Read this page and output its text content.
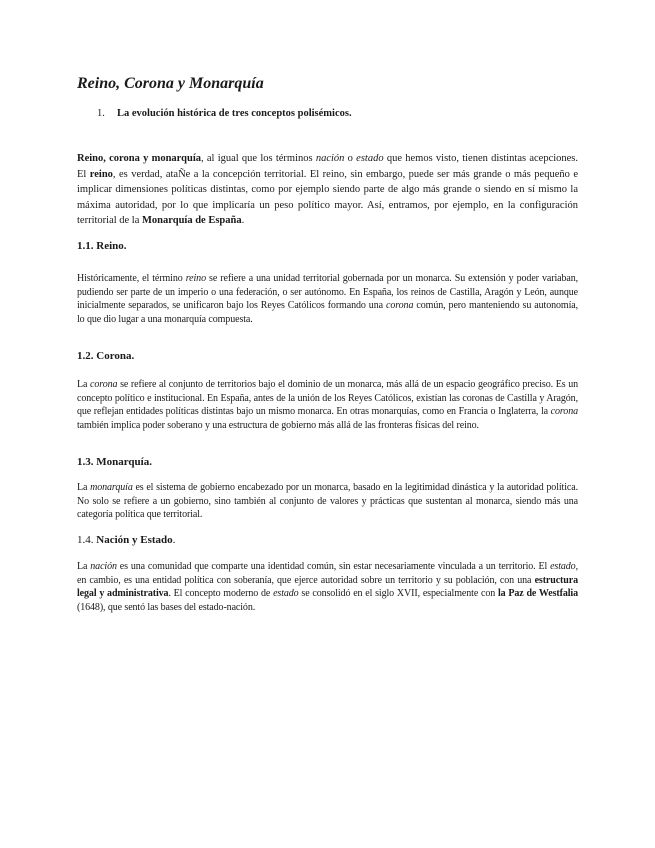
Reino, Corona y Monarquía
1. La evolución histórica de tres conceptos polisémicos.

Reino, corona y monarquía, al igual que los términos nación o estado que hemos visto, tienen distintas acepciones. El reino, es verdad, ataÑe a la concepción territorial. El reino, sin embargo, puede ser más grande o más pequeño e implicar dimensiones políticas distintas, como por ejemplo siendo parte de algo más grande o siendo en sí mismo la máxima autoridad, por lo que implicaría un peso político mayor. Así, entramos, por ejemplo, en la configuración territorial de la Monarquía de España.

1.1. Reino.

Históricamente, el término reino se refiere a una unidad territorial gobernada por un monarca. Su extensión y poder variaban, pudiendo ser parte de un imperio o una federación, o ser autónomo. En España, los reinos de Castilla, Aragón y León, aunque inicialmente separados, se unificaron bajo los Reyes Católicos formando una corona común, pero manteniendo su autonomía, lo que dio lugar a una monarquía compuesta.

1.2. Corona.

La corona se refiere al conjunto de territorios bajo el dominio de un monarca, más allá de un espacio geográfico preciso. Es un concepto político e institucional. En España, antes de la unión de los Reyes Católicos, existían las coronas de Castilla y Aragón, que reflejan entidades políticas distintas bajo un mismo monarca. En otras monarquías, como en Francia o Inglaterra, la corona también implica poder soberano y una estructura de gobierno más allá de las fronteras físicas del reino.

1.3. Monarquía.

La monarquía es el sistema de gobierno encabezado por un monarca, basado en la legitimidad dinástica y la autoridad política. No solo se refiere a un gobierno, sino también al conjunto de valores y prácticas que sustentan al monarca, siendo más una categoría política que territorial.

1.4. Nación y Estado.

La nación es una comunidad que comparte una identidad común, sin estar necesariamente vinculada a un territorio. El estado, en cambio, es una entidad política con soberanía, que ejerce autoridad sobre un territorio y su población, con una estructura legal y administrativa. El concepto moderno de estado se consolidó en el siglo XVII, especialmente con la Paz de Westfalia (1648), que sentó las bases del estado-nación.
